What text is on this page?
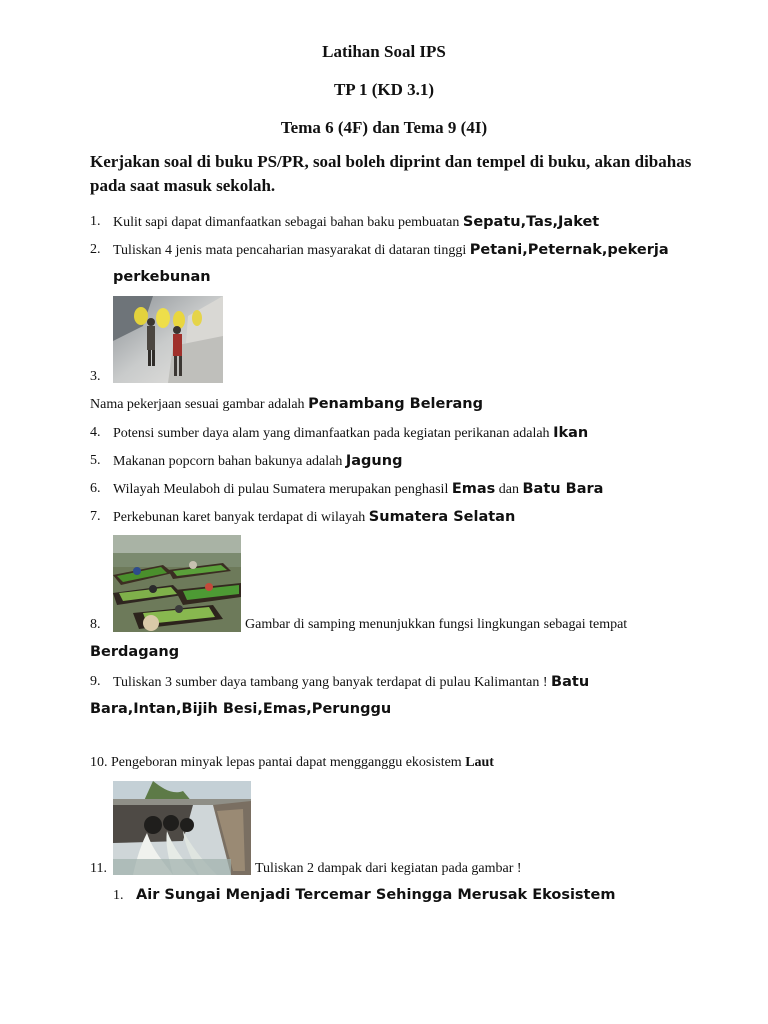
Latihan Soal IPS
TP 1 (KD 3.1)
Tema 6 (4F) dan Tema 9 (4I)
Kerjakan soal di buku PS/PR, soal boleh diprint dan tempel di buku, akan dibahas pada saat masuk sekolah.
1. Kulit sapi dapat dimanfaatkan sebagai bahan baku pembuatan Sepatu,Tas,Jaket
2. Tuliskan 4 jenis mata pencaharian masyarakat di dataran tinggi Petani,Peternak,pekerja
perkebunan
3.
Nama pekerjaan sesuai gambar adalah Penambang Belerang
4. Potensi sumber daya alam yang dimanfaatkan pada kegiatan perikanan adalah Ikan
5. Makanan popcorn bahan bakunya adalah Jagung
6. Wilayah Meulaboh di pulau Sumatera merupakan penghasil Emas dan Batu Bara
7. Perkebunan karet banyak terdapat di wilayah Sumatera Selatan
8.	Gambar di samping menunjukkan fungsi lingkungan sebagai tempat
Berdagang
9. Tuliskan 3 sumber daya tambang yang banyak terdapat di pulau Kalimantan ! Batu
Bara,Intan,Bijih Besi,Emas,Perunggu
10. Pengeboran minyak lepas pantai dapat mengganggu ekosistem Laut
11.	Tuliskan 2 dampak dari kegiatan pada gambar !
1. Air Sungai Menjadi Tercemar Sehingga Merusak Ekosistem
